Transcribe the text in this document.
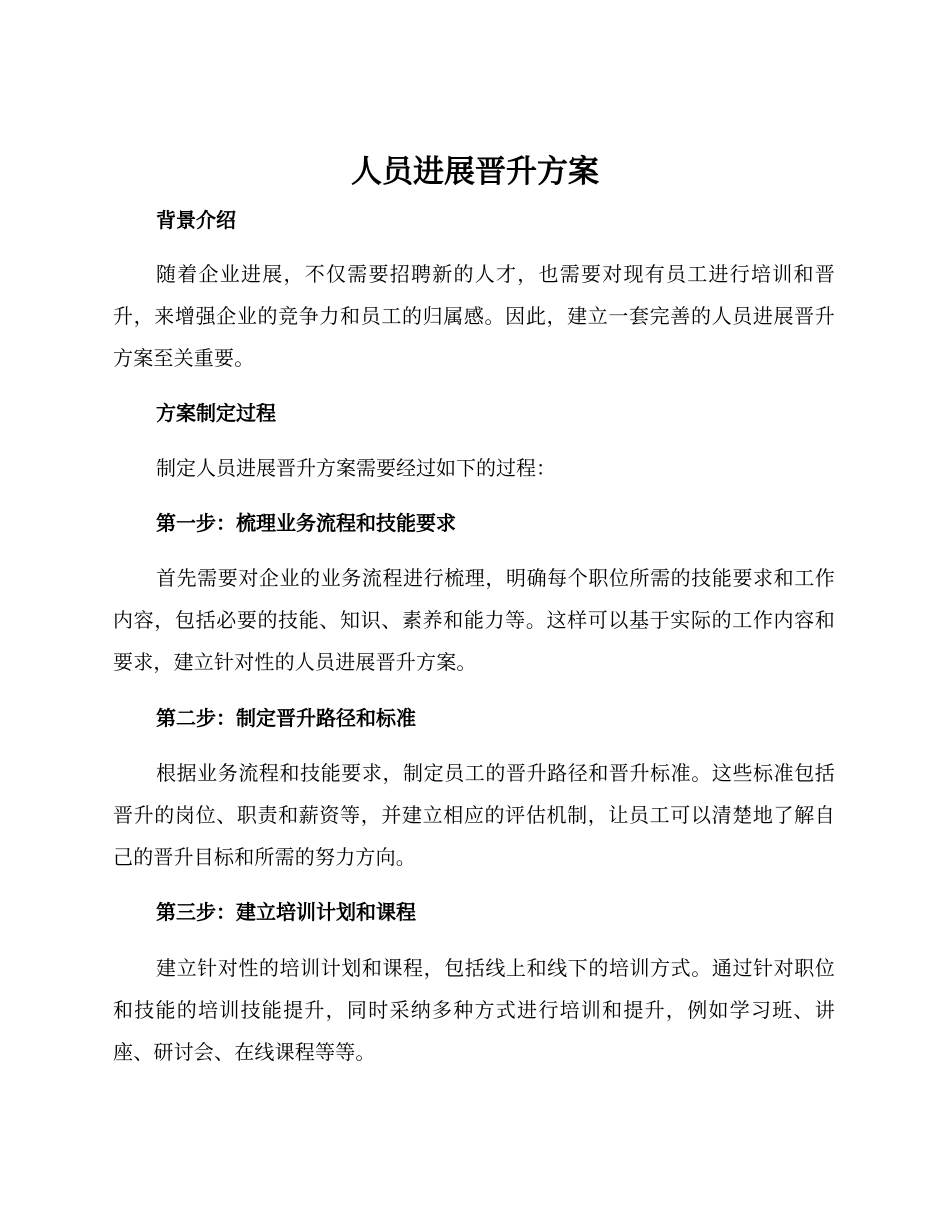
人员进展晋升方案
背景介绍

随着企业进展，不仅需要招聘新的人才，也需要对现有员工进行培训和晋升，来增强企业的竞争力和员工的归属感。因此，建立一套完善的人员进展晋升方案至关重要。

方案制定过程

制定人员进展晋升方案需要经过如下的过程：

第一步：梳理业务流程和技能要求

首先需要对企业的业务流程进行梳理，明确每个职位所需的技能要求和工作内容，包括必要的技能、知识、素养和能力等。这样可以基于实际的工作内容和要求，建立针对性的人员进展晋升方案。

第二步：制定晋升路径和标准

根据业务流程和技能要求，制定员工的晋升路径和晋升标准。这些标准包括晋升的岗位、职责和薪资等，并建立相应的评估机制，让员工可以清楚地了解自己的晋升目标和所需的努力方向。

第三步：建立培训计划和课程

建立针对性的培训计划和课程，包括线上和线下的培训方式。通过针对职位和技能的培训技能提升，同时采纳多种方式进行培训和提升，例如学习班、讲座、研讨会、在线课程等等。
